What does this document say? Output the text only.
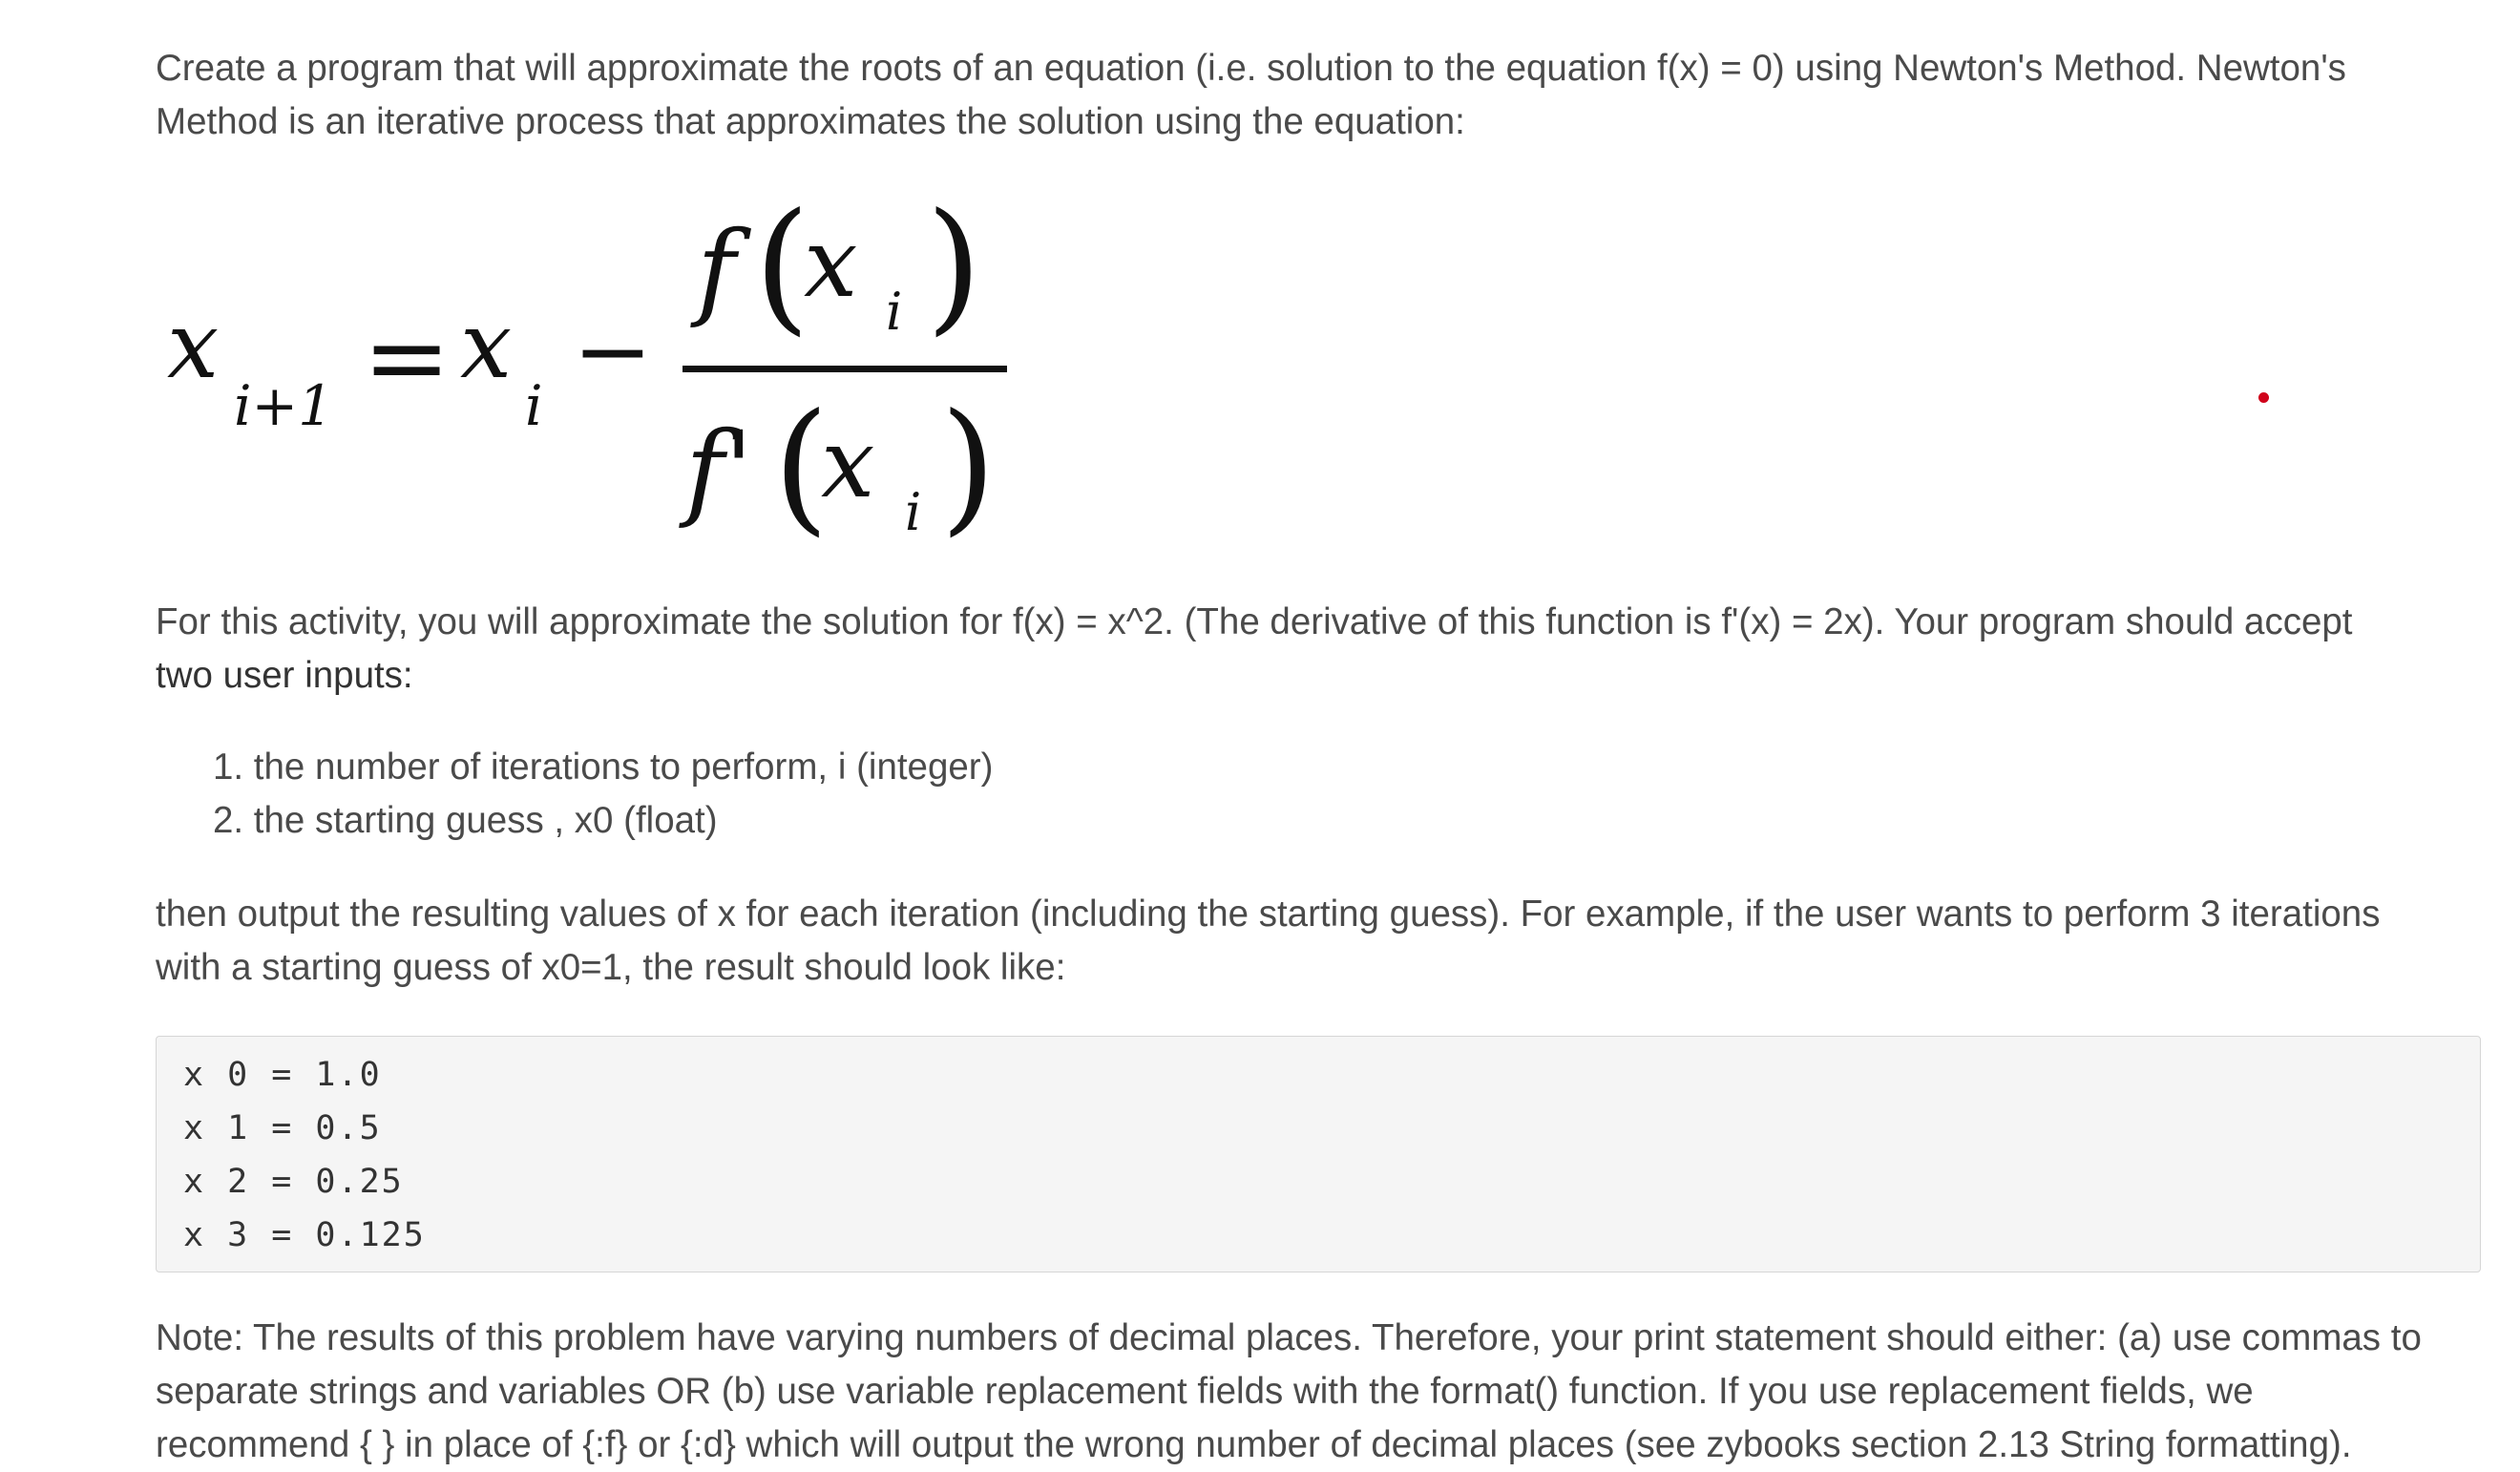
Create a program that will approximate the roots of an equation (i.e. solution to the equation f(x) = 0) using Newton's Method. Newton's
Method is an iterative process that approximates the solution using the equation:

x
i+1 = x
i −
f (
x i )
f' (
x i )

For this activity, you will approximate the solution for f(x) = x^2. (The derivative of this function is f'(x) = 2x). Your program should accept
two user inputs:

1. the number of iterations to perform, i (integer)
2. the starting guess , x0 (float)

then output the resulting values of x for each iteration (including the starting guess). For example, if the user wants to perform 3 iterations
with a starting guess of x0=1, the result should look like:

x 0 = 1.0
x 1 = 0.5
x 2 = 0.25
x 3 = 0.125

Note: The results of this problem have varying numbers of decimal places. Therefore, your print statement should either: (a) use commas to
separate strings and variables OR (b) use variable replacement fields with the format() function. If you use replacement fields, we
recommend { } in place of {:f} or {:d} which will output the wrong number of decimal places (see zybooks section 2.13 String formatting).
